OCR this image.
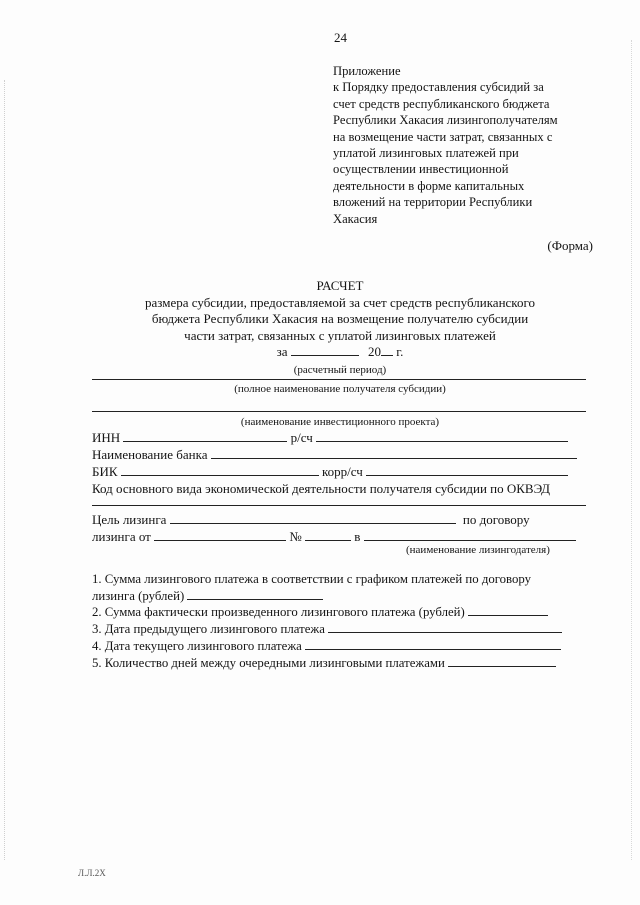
24
Приложение
к Порядку предоставления субсидий за
счет средств республиканского бюджета
Республики Хакасия лизингополучателям
на возмещение части затрат, связанных с
уплатой лизинговых платежей при
осуществлении инвестиционной
деятельности в форме капитальных
вложений на территории Республики
Хакасия
(Форма)
РАСЧЕТ
размера субсидии, предоставляемой за счет средств республиканского
бюджета Республики Хакасия на возмещение получателю субсидии
части затрат, связанных с уплатой лизинговых платежей
за	20 г.
(расчетный период)
(полное наименование получателя субсидии)
(наименование инвестиционного проекта)
ИНН	р/сч
Наименование банка
БИК	корр/сч
Код основного вида экономической деятельности получателя субсидии по ОКВЭД
Цель лизинга	по договору
лизинга от	№	в
(наименование лизингодателя)
1. Сумма лизингового платежа в соответствии с графиком платежей по договору
лизинга (рублей)
2. Сумма фактически произведенного лизингового платежа (рублей)
3. Дата предыдущего лизингового платежа
4. Дата текущего лизингового платежа
5. Количество дней между очередными лизинговыми платежами
Л.Л.2Х
